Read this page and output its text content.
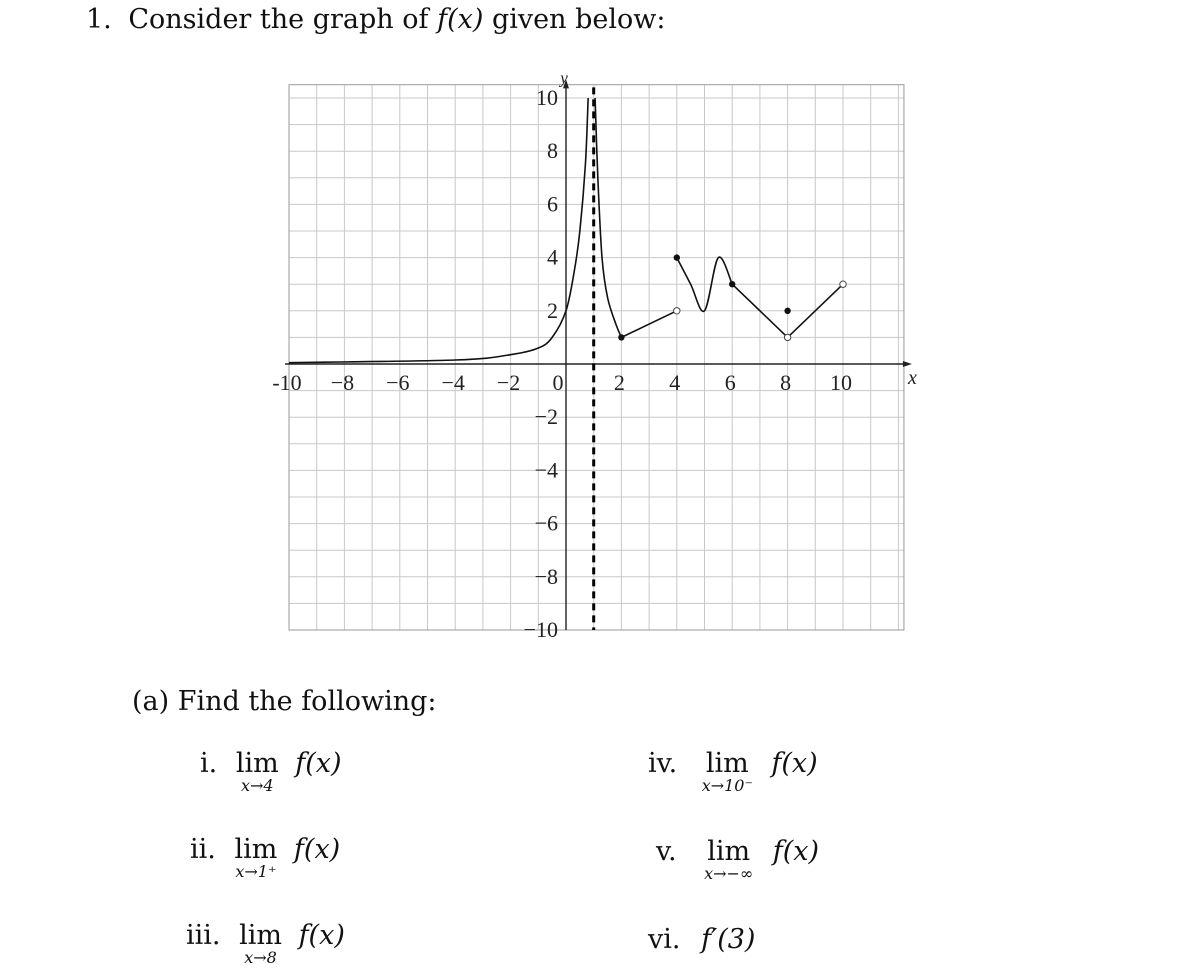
1. Consider the graph of f(x) given below:
x
y
-10 −8 −6 −4 −2 0 2 4 6 8 10
10
8
6
4
2
−2
−4
−6
−8
−10
(a) Find the following:
i. lim
x→4
f(x)
ii. lim
x→1⁺
f(x)
iii. lim
x→8
f(x)
iv. lim
x→10⁻
f(x)
v. lim
x→−∞
f(x)
vi. f′(3)
